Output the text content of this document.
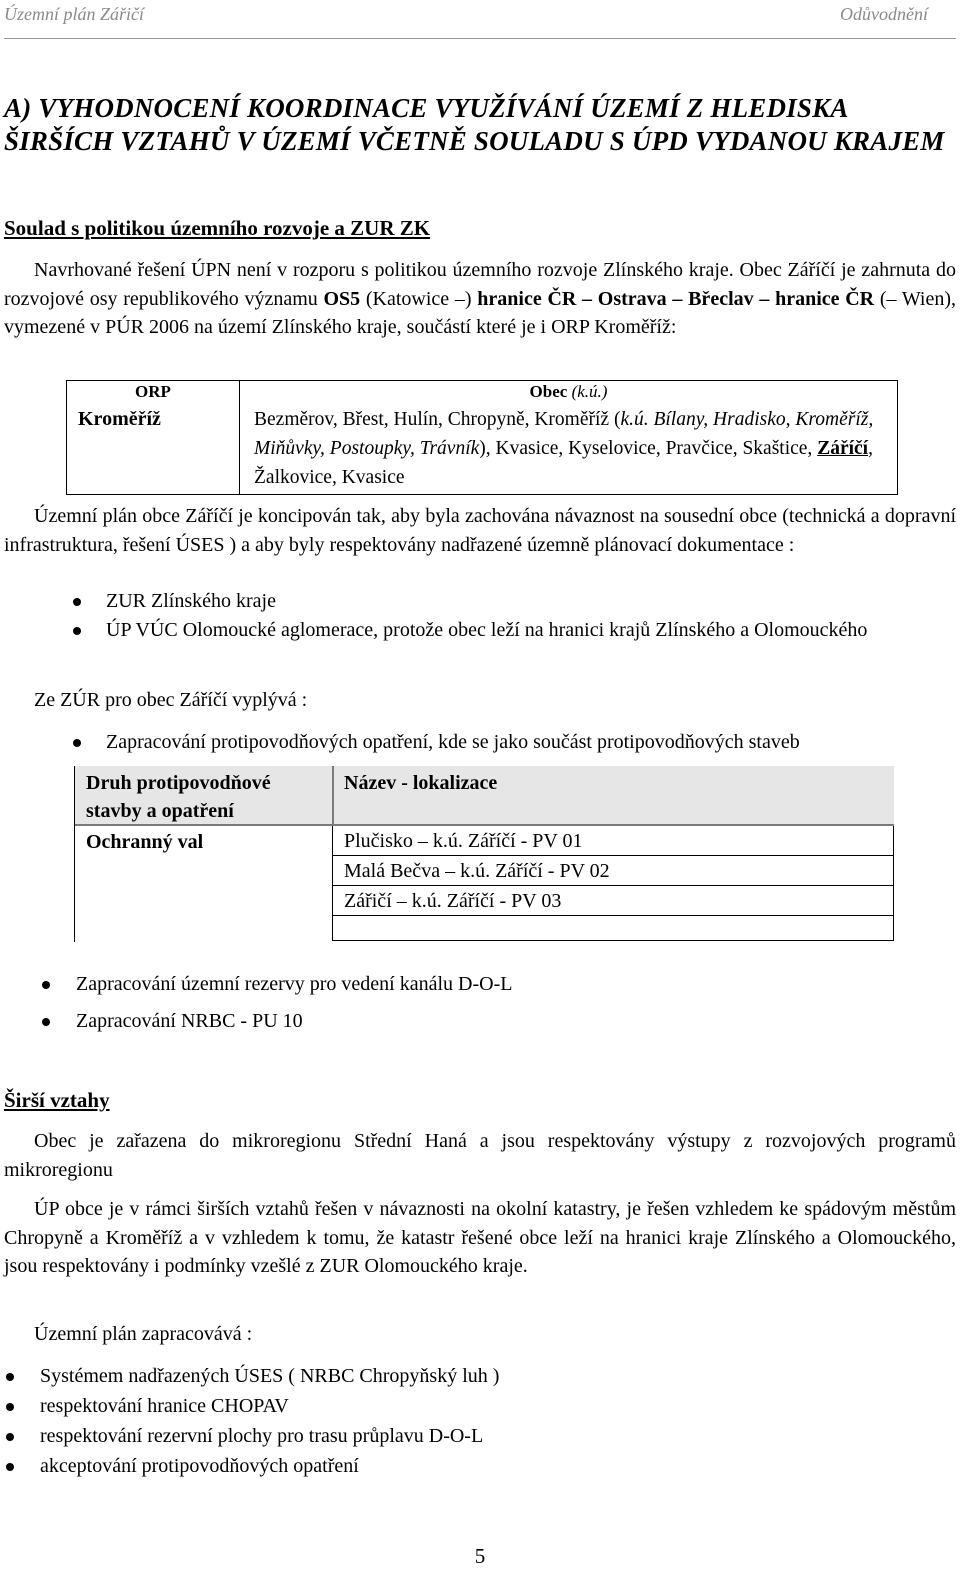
Územní plán Zářičí	Odůvodnění
A) VYHODNOCENÍ KOORDINACE VYUŽÍVÁNÍ ÚZEMÍ Z HLEDISKA ŠIRŠÍCH VZTAHŮ V ÚZEMÍ VČETNĚ SOULADU S ÚPD VYDANOU KRAJEM
Soulad s politikou územního rozvoje a ZUR ZK
Navrhované řešení ÚPN není v rozporu s politikou územního rozvoje Zlínského kraje. Obec Záříčí je zahrnuta do rozvojové osy republikového významu OS5 (Katowice –) hranice ČR – Ostrava – Břeclav – hranice ČR (– Wien), vymezené v PÚR 2006 na území Zlínského kraje, součástí které je i ORP Kroměříž:
ORP	Obec (k.ú.)
Kroměříž	Bezměrov, Břest, Hulín, Chropyně, Kroměříž (k.ú. Bílany, Hradisko, Kroměříž, Miňůvky, Postoupky, Trávník), Kvasice, Kyselovice, Pravčice, Skaštice, Záříčí, Žalkovice, Kvasice
Územní plán obce Záříčí je koncipován tak, aby byla zachována návaznost na sousední obce (technická a dopravní infrastruktura, řešení ÚSES ) a aby byly respektovány nadřazené územně plánovací dokumentace :
ZUR Zlínského kraje
ÚP VÚC Olomoucké aglomerace, protože obec leží na hranici krajů Zlínského a Olomouckého
Ze ZÚR pro obec Záříčí vyplývá :
Zapracování protipovodňových opatření, kde se jako součást protipovodňových staveb
Druh protipovodňové stavby a opatření
Název - lokalizace
Ochranný val	Plučisko – k.ú. Záříčí - PV 01
Malá Bečva – k.ú. Záříčí - PV 02
Zářičí – k.ú. Záříčí - PV 03
Zapracování územní rezervy pro vedení kanálu D-O-L
Zapracování NRBC - PU 10
Širší vztahy
Obec je zařazena do mikroregionu Střední Haná a jsou respektovány výstupy z rozvojových programů mikroregionu
ÚP obce je v rámci širších vztahů řešen v návaznosti na okolní katastry, je řešen vzhledem ke spádovým městům Chropyně a Kroměříž a v vzhledem k tomu, že katastr řešené obce leží na hranici kraje Zlínského a Olomouckého, jsou respektovány i podmínky vzešlé z ZUR Olomouckého kraje.
Územní plán zapracovává :
Systémem nadřazených ÚSES ( NRBC Chropyňský luh )
respektování hranice CHOPAV
respektování rezervní plochy pro trasu průplavu D-O-L
akceptování protipovodňových opatření
5
